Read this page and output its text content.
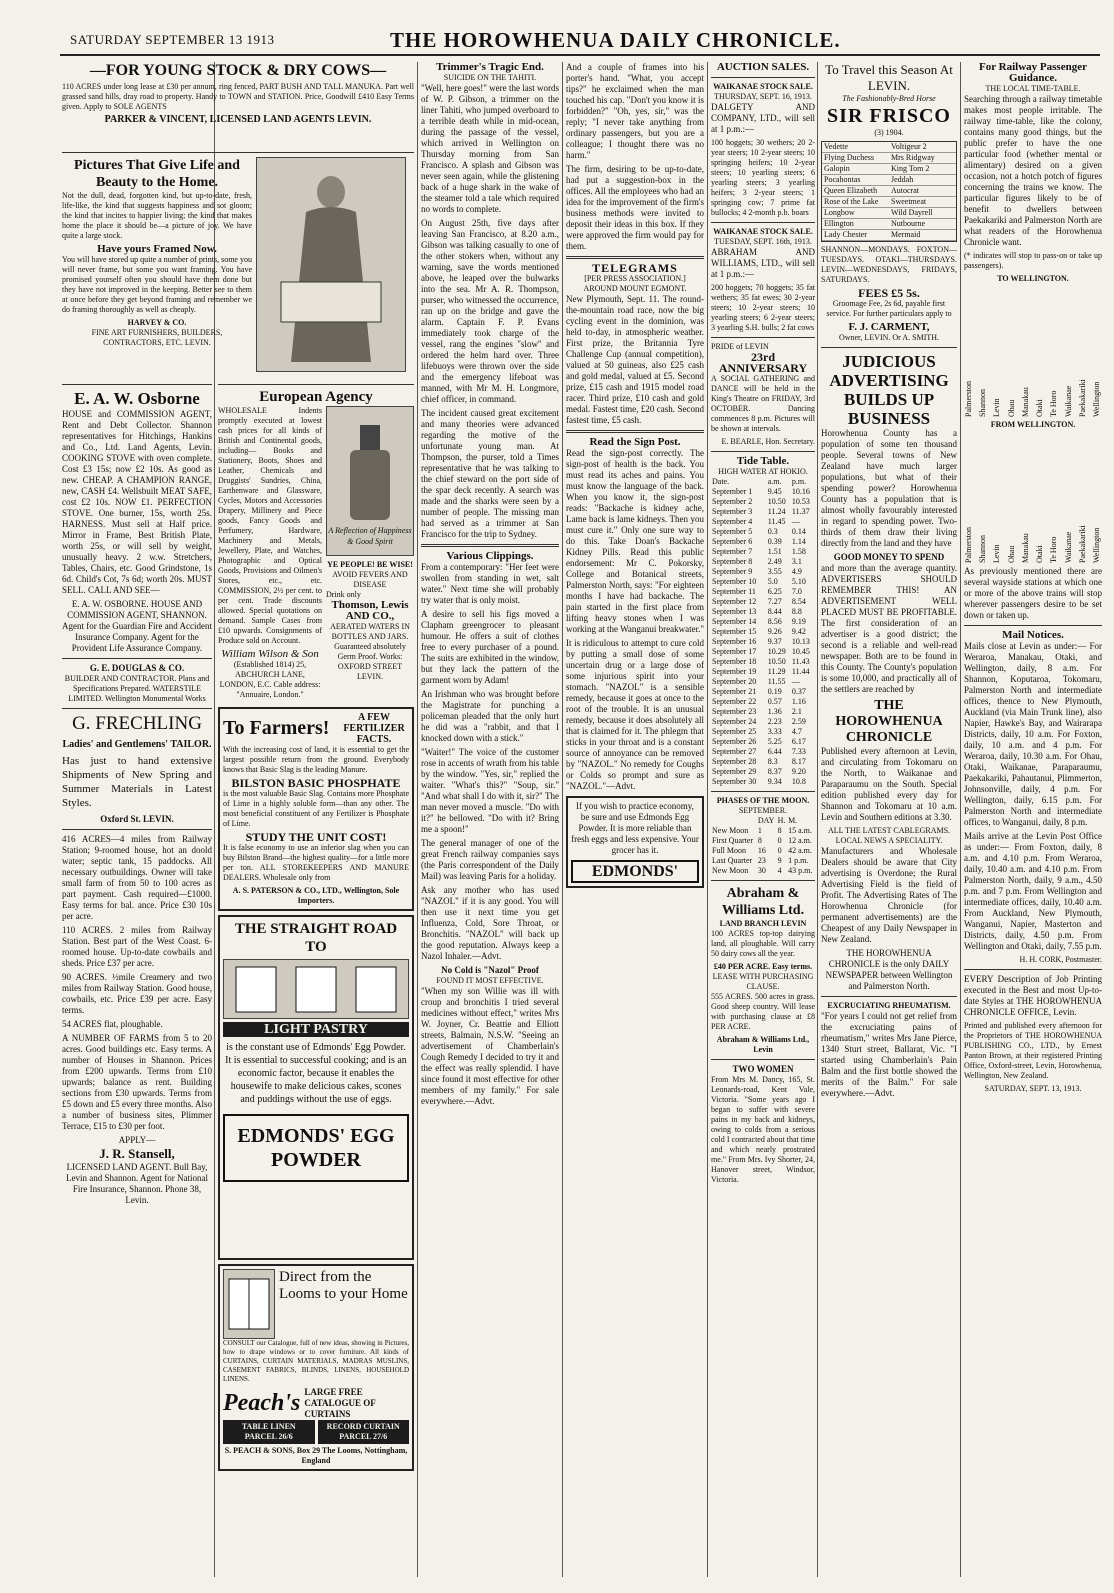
SATURDAY SEPTEMBER 13 1913	THE HOROWHENUA DAILY CHRONICLE.
—FOR YOUNG STOCK & DRY COWS—

110 ACRES under long lease at £30 per annum, ring fenced, PART BUSH AND TALL MANUKA. Part well grassed sand hills, dray road to property. Handy to TOWN and STATION. Price, Goodwill £410 Easy Terms given. Apply to SOLE AGENTS

PARKER & VINCENT, LICENSED LAND AGENTS LEVIN.
Pictures That Give Life and Beauty to the Home.

Not the dull, dead, forgotten kind, but up-to-date, fresh, life-like, the kind that suggests happiness and sot gloom; the kind that incites to happier living; the kind that makes home the place it should be—a picture of joy. We have quite a large stock.

Have yours Framed Now.

You will have stored up quite a number of prints, some you will never frame, but some you want framing. You have promised yourself often you should have them done but they have not improved in the keeping. Better see to them at once before they get beyond framing and remember we do framing thoroughly as well as cheaply.

HARVEY & CO.
FINE ART FURNISHERS, BUILDERS, CONTRACTORS, ETC. LEVIN.
E. A. W. Osborne

HOUSE and COMMISSION AGENT, Rent and Debt Collector. Shannon representatives for Hitchings, Hankins and Co., Ltd. Land Agents, Levin. COOKING STOVE with oven complete. Cost £3 15s; now £2 10s. As good as new. CHEAP. A CHAMPION RANGE, new, CASH £4. Wellsbuilt MEAT SAFE, cost £2 10s. NOW £1. PERFECTION STOVE. One burner, 15s, worth 25s. HARNESS. Must sell at Half price. Mirror in Frame, Best British Plate, worth 25s, or will sell by weight, unusually heavy. 2 w.w. Stretchers, Tables, Chairs, etc. Good Grindstone, 1s 6d. Child's Cot, 7s 6d; worth 20s. MUST SELL. CALL AND SEE—

E. A. W. OSBORNE. HOUSE AND COMMISSION AGENT, SHANNON. Agent for the Guardian Fire and Accident Insurance Company. Agent for the Provident Life Assurance Company.

G. E. DOUGLAS & CO.

BUILDER AND CONTRACTOR. Plans and Specifications Prepared. WATERSTILE LIMITED. Wellington Monumental Works

G. FRECHLING
Ladies' and Gentlemens' TAILOR.

Has just to hand extensive Shipments of New Spring and Summer Materials in Latest Styles.

Oxford St. LEVIN.

416 ACRES—4 miles from Railway Station; 9-roomed house, hot an doold water; septic tank, 15 paddocks. All necessary outbuildings. Owner will take small farm of from 50 to 100 acres as part payment. Cash required—£1000. Easy terms for bal. ance. Price £30 10s per acre.

110 ACRES. 2 miles from Railway Station. Best part of the West Coast. 6-roomed house. Up-to-date cowbails and sheds. Price £37 per acre.

90 ACRES. ½mile Creamery and two miles from Railway Station. Good house, cowbails, etc. Price £39 per acre. Easy terms.

54 ACRES flat, ploughable.

A NUMBER OF FARMS from 5 to 20 acres. Good buildings etc. Easy terms. A number of Houses in Shannon. Prices from £200 upwards. Terms from £10 upwards; balance as rent. Building sections from £30 upwards. Terms from £5 down and £5 every three months. Also a number of business sites, Plimmer Terrace, £15 to £30 per foot.

APPLY—
J. R. Stansell,

LICENSED LAND AGENT. Bull Bay, Levin and Shannon. Agent for National Fire Insurance, Shannon. Phone 38, Levin.

European Agency

WHOLESALE Indents promptly executed at lowest cash prices for all kinds of British and Continental goods, including— Books and Stationery, Boots, Shoes and Leather, Chemicals and Druggists' Sundries, China, Earthenware and Glassware, Cycles, Motors and Accessories Drapery, Millinery and Piece goods, Fancy Goods and Perfumery, Hardware, Machinery and Metals, Jewellery, Plate, and Watches, Photographic and Optical Goods, Provisions and Oilmen's Stores, etc., etc. COMMISSION, 2½ per cent. to per cent. Trade discounts allowed. Special quotations on demand. Sample Cases from £10 upwards. Consignments of Produce sold on Account.

William Wilson & Son

(Established 1814) 25, ABCHURCH LANE, LONDON, E.C. Cable address: "Annuaire, London."

A Reflection of Happiness & Good Spirit
YE PEOPLE! BE WISE!
AVOID FEVERS AND DISEASE
Drink only
Thomson, Lewis AND CO.,

AERATED WATERS IN BOTTLES AND JARS. Guaranteed absolutely Germ Proof. Works: OXFORD STREET LEVIN.

To Farmers!	A FEW FERTILIZER FACTS.

With the increasing cost of land, it is essential to get the largest possible return from the ground. Everybody knows that Basic Slag is the leading Manure.

BILSTON BASIC PHOSPHATE

is the most valuable Basic Slag. Contains more Phosphate of Lime in a highly soluble form—than any other. The most beneficial constituent of any Fertilizer is Phosphate of Lime.

STUDY THE UNIT COST!

It is false economy to use an inferior slag when you can buy Bilston Brand—the highest quality—for a little more per ton. ALL STOREKEEPERS AND MANURE DEALERS. Wholesale only from

A. S. PATERSON & CO., LTD., Wellington, Sole Importers.
THE STRAIGHT ROAD TO
LIGHT PASTRY

is the constant use of Edmonds' Egg Powder. It is essential to successful cooking; and is an economic factor, because it enables the housewife to make delicious cakes, scones and puddings without the use of eggs.

EDMONDS' EGG POWDER
Direct from the Looms to your Home

CONSULT our Catalogue, full of new ideas, showing in Pictures, how to drape windows or to cover furniture. All kinds of CURTAINS, CURTAIN MATERIALS, MADRAS MUSLINS, CASEMENT FABRICS, BLINDS, LINENS, HOUSEHOLD LINENS.

Peach's LARGE FREE CATALOGUE OF CURTAINS
TABLE LINEN PARCEL 26/6
RECORD CURTAIN PARCEL 27/6
S. PEACH & SONS, Box 29 The Looms, Nottingham, England
Trimmer's Tragic End.
SUICIDE ON THE TAHITI.

"Well, here goes!" were the last words of W. P. Gibson, a trimmer on the liner Tahiti, who jumped overboard to a terrible death while in mid-ocean, during the passage of the vessel, which arrived in Wellington on Thursday morning from San Francisco. A splash and Gibson was never seen again, while the glistening back of a huge shark in the wake of the steamer told a tale which required no words to complete.

On August 25th, five days after leaving San Francisco, at 8.20 a.m., Gibson was talking casually to one of the other stokers when, without any warning, save the words mentioned above, he leaped over the bulwarks into the sea. Mr A. R. Thompson, purser, who witnessed the occurrence, ran up on the bridge and gave the alarm. Captain F. P. Evans immediately took charge of the vessel, rang the engines "slow" and ordered the helm hard over. Three lifebuoys were thrown over the side and the emergency lifeboat was manned, with Mr M. H. Longmore, chief officer, in command.

The incident caused great excitement and many theories were advanced regarding the motive of the unfortunate young man. At Thompson, the purser, told a Times representative that he was talking to the chief steward on the port side of the spar deck recently. A search was made and the sharks were seen by a number of people. The missing man had served as a trimmer at San Francisco for the trip to Sydney.

Various Clippings.

From a contemporary: "Her feet were swollen from standing in wet, salt water." Next time she will probably try water that is only moist.

A desire to sell his figs moved a Clapham greengrocer to pleasant humour. He offers a suit of clothes free to every purchaser of a pound. The suits are exhibited in the window, but they lack the pattern of the garment worn by Adam!

An Irishman who was brought before the Magistrate for punching a policeman pleaded that the only hurt he did was a "rabbit, and that I knocked down with a stick."

"Waiter!" The voice of the customer rose in accents of wrath from his table by the window. "Yes, sir," replied the waiter. "What's this?" "Soup, sir." "And what shall I do with it, sir?" The man never moved a muscle. "Do with it?" he bellowed. "Do with it? Bring me a spoon!"

The general manager of one of the great French railway companies says (the Paris correspondent of the Daily Mail) was leaving Paris for a holiday.

Ask any mother who has used "NAZOL" if it is any good. You will then use it next time you get Influenza, Cold, Sore Throat, or Bronchitis. "NAZOL" will back up the good reputation. Always keep a Nazol Inhaler.—Advt.

No Cold is "Nazol" Proof
FOUND IT MOST EFFECTIVE.

"When my son Willie was ill with croup and bronchitis I tried several medicines without effect," writes Mrs W. Joyner, Cr. Beattie and Elliott streets, Balmain, N.S.W. "Seeing an advertisement of Chamberlain's Cough Remedy I decided to try it and the effect was really splendid. I have since found it most effective for other members of my family." For sale everywhere.—Advt.

And a couple of frames into his porter's hand. "What, you accept tips?" he exclaimed when the man touched his cap. "Don't you know it is forbidden?" "Oh, yes, sir," was the reply; "I never take anything from ordinary passengers, but you are a colleague; I thought there was no harm."

The firm, desiring to be up-to-date, had put a suggestion-box in the offices. All the employees who had an idea for the improvement of the firm's business methods were invited to deposit their ideas in this box. If they were approved the firm would pay for them.

TELEGRAMS
[PER PRESS ASSOCIATION.]
AROUND MOUNT EGMONT.

New Plymouth, Sept. 11. The round-the-mountain road race, now the big cycling event in the dominion, was held to-day, in atmospheric weather. First prize, the Britannia Tyre Challenge Cup (annual competition), valued at 50 guineas, also £25 cash and gold medal, valued at £5. Second prize, £15 cash and 1915 model road racer. Third prize, £10 cash and gold medal. Fastest time, £20 cash. Second fastest time, £5 cash.

Read the Sign Post.

Read the sign-post correctly. The sign-post of health is the back. You must read its aches and pains. You must know the language of the back. When you know it, the sign-post reads: "Backache is kidney ache, Lame back is lame kidneys. Then you must cure it." Only one sure way to do this. Take Doan's Backache Kidney Pills. Read this public endorsement: Mr C. Pokorsky, College and Botanical streets, Palmerston North, says: "For eighteen months I have had backache. The pain started in the first place from lifting heavy stones when I was working at the Wanganui breakwater."

It is ridiculous to attempt to cure cold by putting a small dose of some uncertain drug or a large dose of some injurious spirit into your stomach. "NAZOL" is a sensible remedy, because it goes at once to the root of the trouble. It is an unusual remedy, because it does absolutely all that is claimed for it. The phlegm that sticks in your throat and is a constant source of annoyance can be removed by "NAZOL." No remedy for Coughs or Colds so prompt and sure as "NAZOL."—Advt.

If you wish to practice economy, be sure and use Edmonds Egg Powder. It is more reliable than fresh eggs and less expensive. Your grocer has it.

EDMONDS'
AUCTION SALES.
WAIKANAE STOCK SALE.
THURSDAY, SEPT. 16, 1913.

DALGETY AND COMPANY, LTD., will sell at 1 p.m.:—

100 hoggets; 30 wethers; 20 2-year steers; 10 2-year steers; 10 springing heifers; 10 2-year steers; 10 yearling steers; 6 yearling steers; 3 yearling heifers; 3 2-year steers; 1 springing cow; 7 prime fat bullocks; 4 2-month p.b. boars

WAIKANAE STOCK SALE.
TUESDAY, SEPT. 16th, 1913.

ABRAHAM AND WILLIAMS, LTD., will sell at 1 p.m.:—

200 hoggets; 70 hoggets; 35 fat wethers; 35 fat ewes; 30 2-year steers; 10 2-year steers; 10 yearling steers; 6 2-year steers; 3 yearling S.H. bulls; 2 fat cows

PRIDE of LEVIN
23rd ANNIVERSARY

A SOCIAL GATHERING and DANCE will be held in the King's Theatre on FRIDAY, 3rd OCTOBER. Dancing commences 8 p.m. Pictures will be shown at intervals.

E. BEARLE, Hon. Secretary.
Tide Table.
HIGH WATER AT HOKIO.
Date.	a.m.	p.m.
September 1	9.45	10.16
September 2	10.50	10.53
September 3	11.24	11.37
September 4	11.45	—
September 5	0.3	0.14
September 6	0.39	1.14
September 7	1.51	1.58
September 8	2.49	3.1
September 9	3.55	4.9
September 10	5.0	5.10
September 11	6.25	7.0
September 12	7.27	8.54
September 13	8.44	8.8
September 14	8.56	9.19
September 15	9.26	9.42
September 16	9.37	10.13
September 17	10.29	10.45
September 18	10.50	11.43
September 19	11.29	11.44
September 20	11.55	—
September 21	0.19	0.37
September 22	0.57	1.16
September 23	1.36	2.1
September 24	2.23	2.59
September 25	3.33	4.7
September 26	5.25	6.17
September 27	6.44	7.33
September 28	8.3	8.17
September 29	8.37	9.20
September 30	9.34	10.8
PHASES OF THE MOON.
SEPTEMBER.
	DAY	H.	M.
New Moon	1	8	15 a.m.
First Quarter	8	0	12 a.m.
Full Moon	16	0	42 a.m.
Last Quarter	23	9	1 p.m.
New Moon	30	4	43 p.m.
Abraham & Williams Ltd.
LAND BRANCH LEVIN

100 ACRES top-top dairying land, all ploughable. Will carry 50 dairy cows all the year.

£40 PER ACRE. Easy terms.
LEASE WITH PURCHASING CLAUSE.

555 ACRES. 500 acres in grass. Good sheep country. Will lease with purchasing clause at £8 PER ACRE.

Abraham & Williams Ltd., Levin
TWO WOMEN

From Mrs M. Dancy, 165, St. Leonards-road, Kent Vale, Victoria. "Some years ago I began to suffer with severe pains in my back and kidneys, owing to colds from a serious cold I contracted about that time and which nearly prostrated me." From Mrs. Ivy Shorter, 24, Hanover street, Windsor, Victoria.

To Travel this Season At LEVIN.
The Fashionably-Bred Horse
SIR FRISCO
(3) 1904.
Vedette	Voltigeur 2
Flying Duchess	Mrs Ridgway
Galopin	King Tom 2
Pocahontas	Jeddah
Queen Elizabeth	Autocrat
Rose of the Lake	Sweetmeat
Longbow	Wild Dayrell
Ellington	Nutbourne
Lady Chester	Mermaid

SHANNON—MONDAYS. FOXTON—TUESDAYS. OTAKI—THURSDAYS. LEVIN—WEDNESDAYS, FRIDAYS, SATURDAYS.

FEES £5 5s.

Groomage Fee, 2s 6d, payable first service. For further particulars apply to

F. J. CARMENT,
Owner, LEVIN. Or A. SMITH.
JUDICIOUS ADVERTISING BUILDS UP BUSINESS

Horowhenua County has a population of some ten thousand people. Several towns of New Zealand have much larger populations, but what of their spending power? Horowhenua County has a population that is almost wholly favourably interested in regard to spending power. Two-thirds of them draw their living directly from the land and they have

GOOD MONEY TO SPEND

and more than the average quantity. ADVERTISERS SHOULD REMEMBER THIS! AN ADVERTISEMENT WELL PLACED MUST BE PROFITABLE. The first consideration of an advertiser is a good district; the second is a reliable and well-read newspaper. Both are to be found in this County. The County's population is some 10,000, and practically all of the settlers are reached by

THE HOROWHENUA CHRONICLE

Published every afternoon at Levin, and circulating from Tokomaru on the North, to Waikanae and Paraparaumu on the South. Special edition published every day for Shannon and Tokomaru at 10 a.m. Levin and Southern editions at 3.30.

ALL THE LATEST CABLEGRAMS. LOCAL NEWS A SPECIALITY.

Manufacturers and Wholesale Dealers should be aware that City advertising is Overdone; the Rural Advertising Field is the field of Profit. The Advertising Rates of The Horowhenua Chronicle (for permanent advertisements) are the Cheapest of any Daily Newspaper in New Zealand.

THE HOROWHENUA CHRONICLE is the only DAILY NEWSPAPER between Wellington and Palmerston North.

EXCRUCIATING RHEUMATISM.

"For years I could not get relief from the excruciating pains of rheumatism," writes Mrs Jane Pierce, 1340 Sturt street, Ballarat, Vic. "I started using Chamberlain's Pain Balm and the first bottle showed the merits of the Balm." For sale everywhere.—Advt.

For Railway Passenger Guidance.
THE LOCAL TIME-TABLE.

Searching through a railway timetable makes most people irritable. The railway time-table, like the colony, contains many good things, but the public prefer to have the one particular food (whether mental or alimentary) desired on a given occasion, not a hotch potch of figures concerning the trains we know. The particular figures likely to be of benefit to dwellers between Paekakariki and Palmerston North are what readers of the Horowhenua Chronicle want.

(* indicates will stop to pass-on or take up passengers).

TO WELLINGTON.
Palmerston Shannon Levin Ohau Manakau Otaki Te Horo Waikanae Paekakariki Wellington
FROM WELLINGTON.
Palmerston Shannon Levin Ohau Manakau Otaki Te Horo Waikanae Paekakariki Wellington

As previously mentioned there are several wayside stations at which one or more of the above trains will stop wherever passengers desire to be set down or taken up.

Mail Notices.

Mails close at Levin as under:— For Weraroa, Manakau, Otaki, and Wellington, daily, 8 a.m. For Shannon, Koputaroa, Tokomaru, Palmerston North and intermediate offices, thence to New Plymouth, Auckland (via Main Trunk line), also Napier, Hawke's Bay, and Wairarapa Districts, daily, 10 a.m. For Foxton, daily, 10 a.m. and 4 p.m. For Weraroa, daily, 10.30 a.m. For Ohau, Otaki, Waikanae, Paraparaumu, Paekakariki, Pahautanui, Plimmerton, Johnsonville, daily, 4 p.m. For Wellington, daily, 6.15 p.m. For Palmerston North and intermediate offices, to Wanganui, daily, 8 p.m.

Mails arrive at the Levin Post Office as under:— From Foxton, daily, 8 a.m. and 4.10 p.m. From Weraroa, daily, 10.40 a.m. and 4.10 p.m. From Palmerston North, daily, 9 a.m., 4.50 p.m. and 7 p.m. From Wellington and intermediate offices, daily, 10.40 a.m. From Auckland, New Plymouth, Wanganui, Napier, Masterton and Districts, daily, 4.50 p.m. From Wellington and Otaki, daily, 7.55 p.m.

H. H. CORK, Postmaster.

EVERY Description of Job Printing executed in the Best and most Up-to-date Styles at THE HOROWHENUA CHRONICLE OFFICE, Levin.

Printed and published every afternoon for the Proprietors of THE HOROWHENUA PUBLISHING CO., LTD., by Ernest Panton Brown, at their registered Printing Office, Oxford-street, Levin, Horowhenua, Wellington, New Zealand.

SATURDAY, SEPT. 13, 1913.
